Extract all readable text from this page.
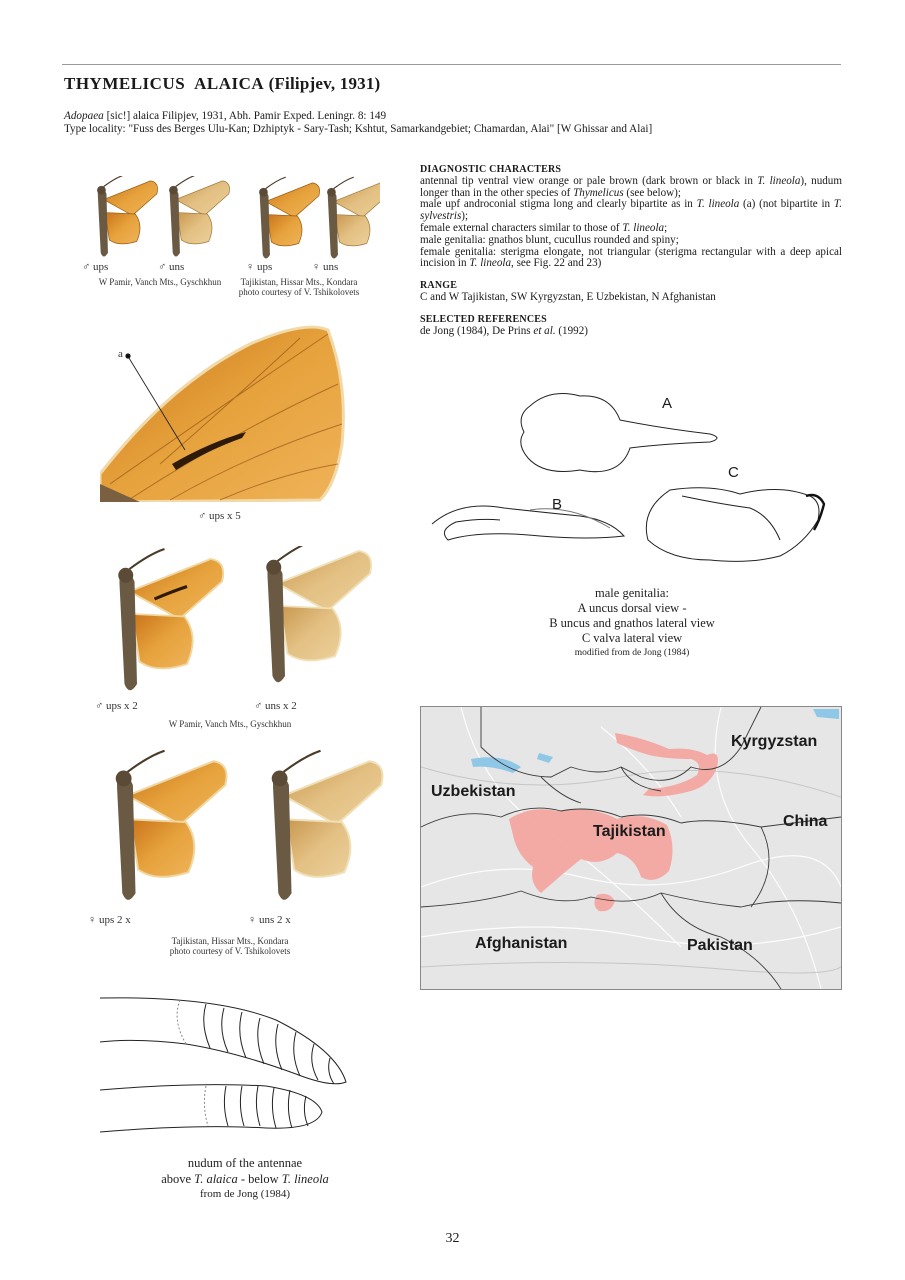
THYMELICUS ALAICA (Filipjev, 1931)
Adopaea [sic!] alaica Filipjev, 1931, Abh. Pamir Exped. Leningr. 8: 149
Type locality: "Fuss des Berges Ulu-Kan; Dzhiptyk - Sary-Tash; Kshtut, Samarkandgebiet; Chamardan, Alai" [W Ghissar and Alai]

DIAGNOSTIC CHARACTERS

antennal tip ventral view orange or pale brown (dark brown or black in T. lineola), nudum longer than in the other species of Thymelicus (see below);

male upf androconial stigma long and clearly bipartite as in T. lineola (a) (not bipartite in T. sylvestris);

female external characters similar to those of T. lineola;

male genitalia: gnathos blunt, cucullus rounded and spiny;

female genitalia: sterigma elongate, not triangular (sterigma rectangular with a deep apical incision in T. lineola, see Fig. 22 and 23)

RANGE

C and W Tajikistan, SW Kyrgyzstan, E Uzbekistan, N Afghanistan

SELECTED REFERENCES

de Jong (1984), De Prins et al. (1992)

♂ ups	♂ uns	♀ ups	♀ uns
W Pamir, Vanch Mts., Gyschkhun	Tajikistan, Hissar Mts., Kondara
photo courtesy of V. Tshikolovets
a
♂ ups x 5
♂ ups x 2	♂ uns x 2
W Pamir, Vanch Mts., Gyschkhun
♀ ups 2 x	♀ uns 2 x
Tajikistan, Hissar Mts., Kondara
photo courtesy of V. Tshikolovets
A
B
C
male genitalia:
A uncus dorsal view -
B uncus and gnathos lateral view
C valva lateral view
modified from de Jong (1984)
Kyrgyzstan
Uzbekistan
China
Tajikistan
Afghanistan	Pakistan
nudum of the antennae
above T. alaica - below T. lineola
from de Jong (1984)
32
